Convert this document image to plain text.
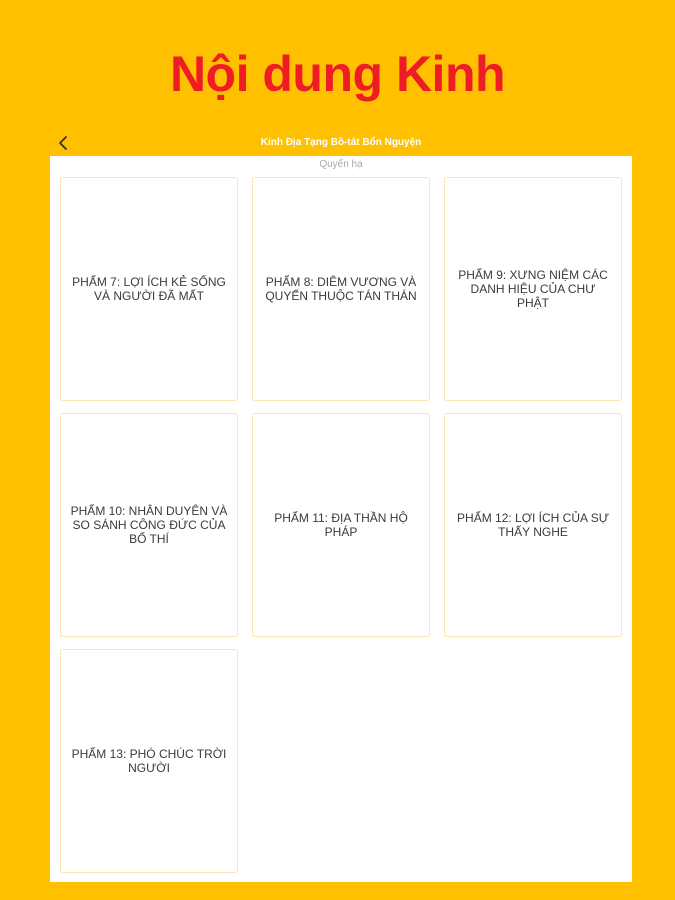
Nội dung Kinh
Kinh Địa Tạng Bồ-tát Bổn Nguyện
Quyển hạ
PHẨM 7: LỢI ÍCH KẺ SỐNG VÀ NGƯỜI ĐÃ MẤT
PHẨM 8: DIÊM VƯƠNG VÀ QUYẾN THUỘC TÁN THÁN
PHẨM 9: XƯNG NIỆM CÁC DANH HIỆU CỦA CHƯ PHẬT
PHẨM 10: NHÂN DUYÊN VÀ SO SÁNH CÔNG ĐỨC CỦA BỐ THÍ
PHẨM 11: ĐỊA THẦN HỘ PHÁP
PHẨM 12: LỢI ÍCH CỦA SỰ THẤY NGHE
PHẨM 13: PHÓ CHÚC TRỜI NGƯỜI
